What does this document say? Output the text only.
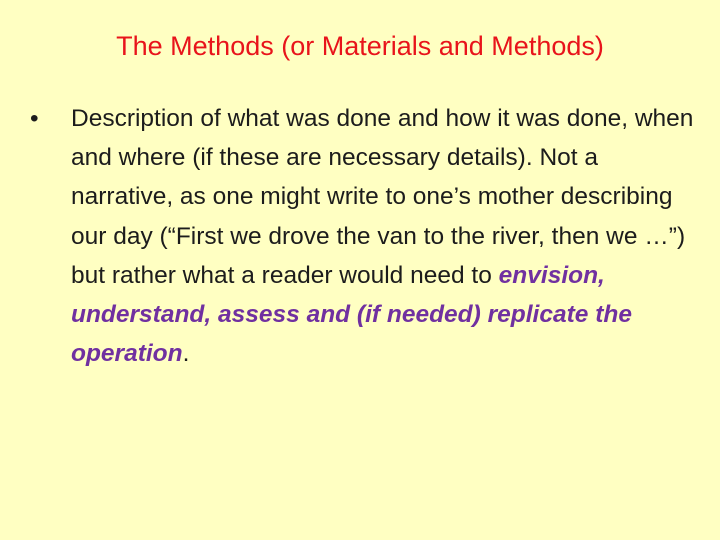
The Methods (or Materials and Methods)
•	Description of what was done and how it was done, when and where (if these are necessary details). Not a narrative, as one might write to one’s mother describing our day (“First we drove the van to the river, then we …”) but rather what a reader would need to envision, understand, assess and (if needed) replicate the operation.
